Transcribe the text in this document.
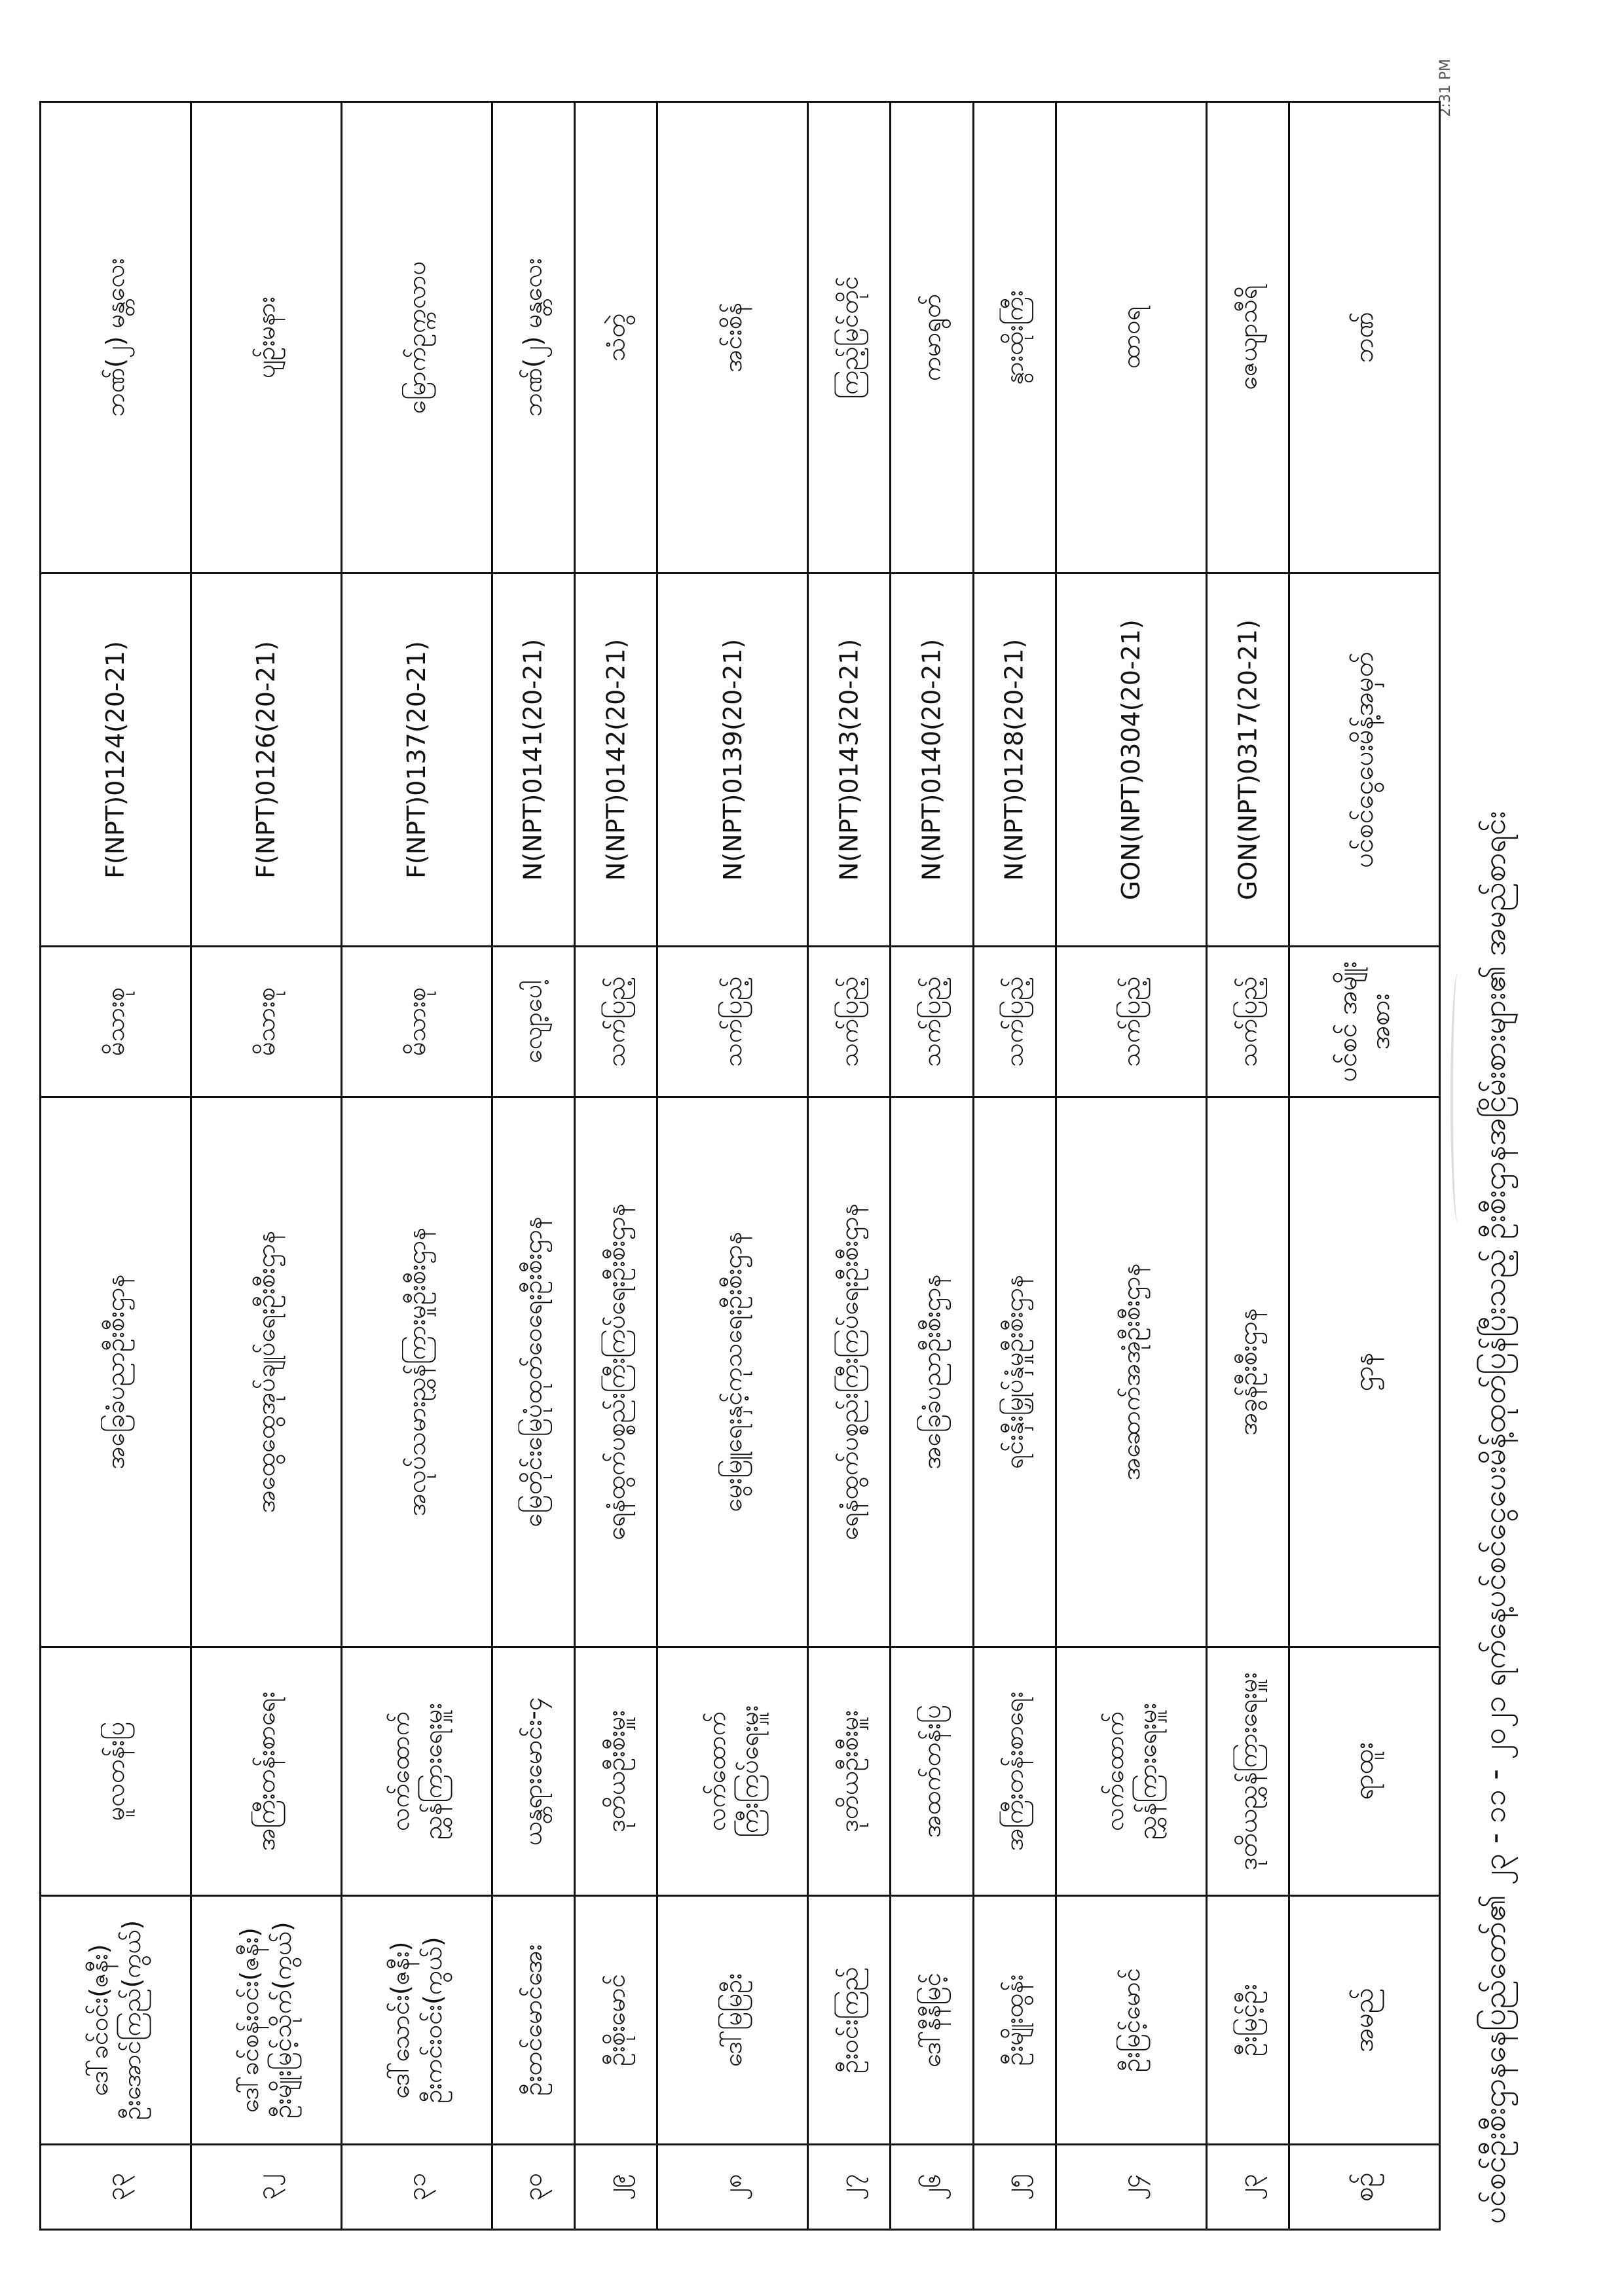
ပင်စင်ဦးစီးဌာနနေပြည်တော်၏ ၂၃ - ၁၁ - ၂၀၂၁ ရက်နေ့ပင်စင်ငွေပေးမိန့်ထုတ်ပြန်ပြီးသည့် ဦးစီးဌာနအငြိမ်းစားများ၏ အမည်စာရင်း
2:31 PM
စဉ်	အမည်	ရာထူး	ဌာန	ပင်စင် အမျိုးအစား	ပင်စင်ငွေပေးမိန့်အမှတ်	ဘဏ်
၂၃	ဦးမြင့်ဦး	ဒုတိယညွှန်ကြားရေးမှူး	အခွန်ဦးစီးဌာန	သက်ပြည့်	GON(NPT)0317(20-21)	ဇေယျာသီရိ
၂၄	ဦးမြင့်မောင်	လက်ထောက်
ညွှန်ကြားရေးမှူး	အဆောက်အအုံဦးစီးဌာန	သက်ပြည့်	GON(NPT)0304(20-21)	ထာဝရ
၂၅	ဦးမျိုးထွန်း	အကြီးတန်းစာရေး	ရင်းနှီးမြှုပ်နှံမှုဦးစီးဌာန	သက်ပြည့်	N(NPT)0128(20-21)	နွားထိုးကြီး
၂၆	ဒေါ်နီနီမြင့်	အထက်တန်းပြ	အခြေခံပညာဦးစီးဌာန	သက်ပြည့်	N(NPT)0140(20-21)	ကမာရွတ်
၂၇	ဦးဝင်းကြည်	ဒုတိယဦးစီးမှူး	ရေနံထွက်ပစ္စည်းကြီးကြပ်ရေးဦးစီးဌာန	သက်ပြည့်	N(NPT)0143(20-21)	ကြည့်မြင်တိုင်
၂၈	ဒေါ်မြမြဦး	လက်ထောက်
ကြီးကြပ်ရေးမှူး	မွေးမြူရေးနှင့်ကုသရေးဦးစီးဌာန	သက်ပြည့်	N(NPT)0139(20-21)	အင်းစိန်
၂၉	ဦးစိုးမောင်	ဒုတိယဦးစီးမှူး	ရေနံထွက်ပစ္စည်းကြီးကြပ်ရေးဦးစီးဌာန	သက်ပြည့်	N(NPT)0142(20-21)	သံတွဲ
၃၀	ဦးတင်မောင်အေး	ယန္တရားမောင်း-၄	မြေတိုင်းမြေပုံထုတ်ဝေရေးဦးစီးဌာန	လျော့ပေါ့	N(NPT)0141(20-21)	ဘဏ်(၂) မန္တလေး
၃၁	ဒေါ်သောင်း(ဇနီး)
ဦးကင်းဝင်း(ကွယ်)	လက်ထောက်
ညွှန်ကြားရေးမှူး	အလုပ်သမားညွှန်ကြားမှုဦးစီးဌာန	မိသားစု	F(NPT)0137(20-21)	မြောက်ဥက္ကလာပ
၃၂	ဒေါ်ခင်စန်းဝင်း(ဇနီး)
ဦးမျိုးမြင့်သိုက်(ကွယ်)	အကြီးတန်းစာရေး	အထွေထွေအုပ်ချုပ်ရေးဦးစီးဌာန	မိသားစု	F(NPT)0126(20-21)	ပျဉ်းမနား
၃၃	ဒေါ်ခင်ဝင်း(ဇနီး)
ဦးအောင်ကြည်(ကွယ်)	မူလတန်းပြ	အခြေခံပညာဦးစီးဌာန	မိသားစု	F(NPT)0124(20-21)	ဘဏ်(၂) မန္တလေး
